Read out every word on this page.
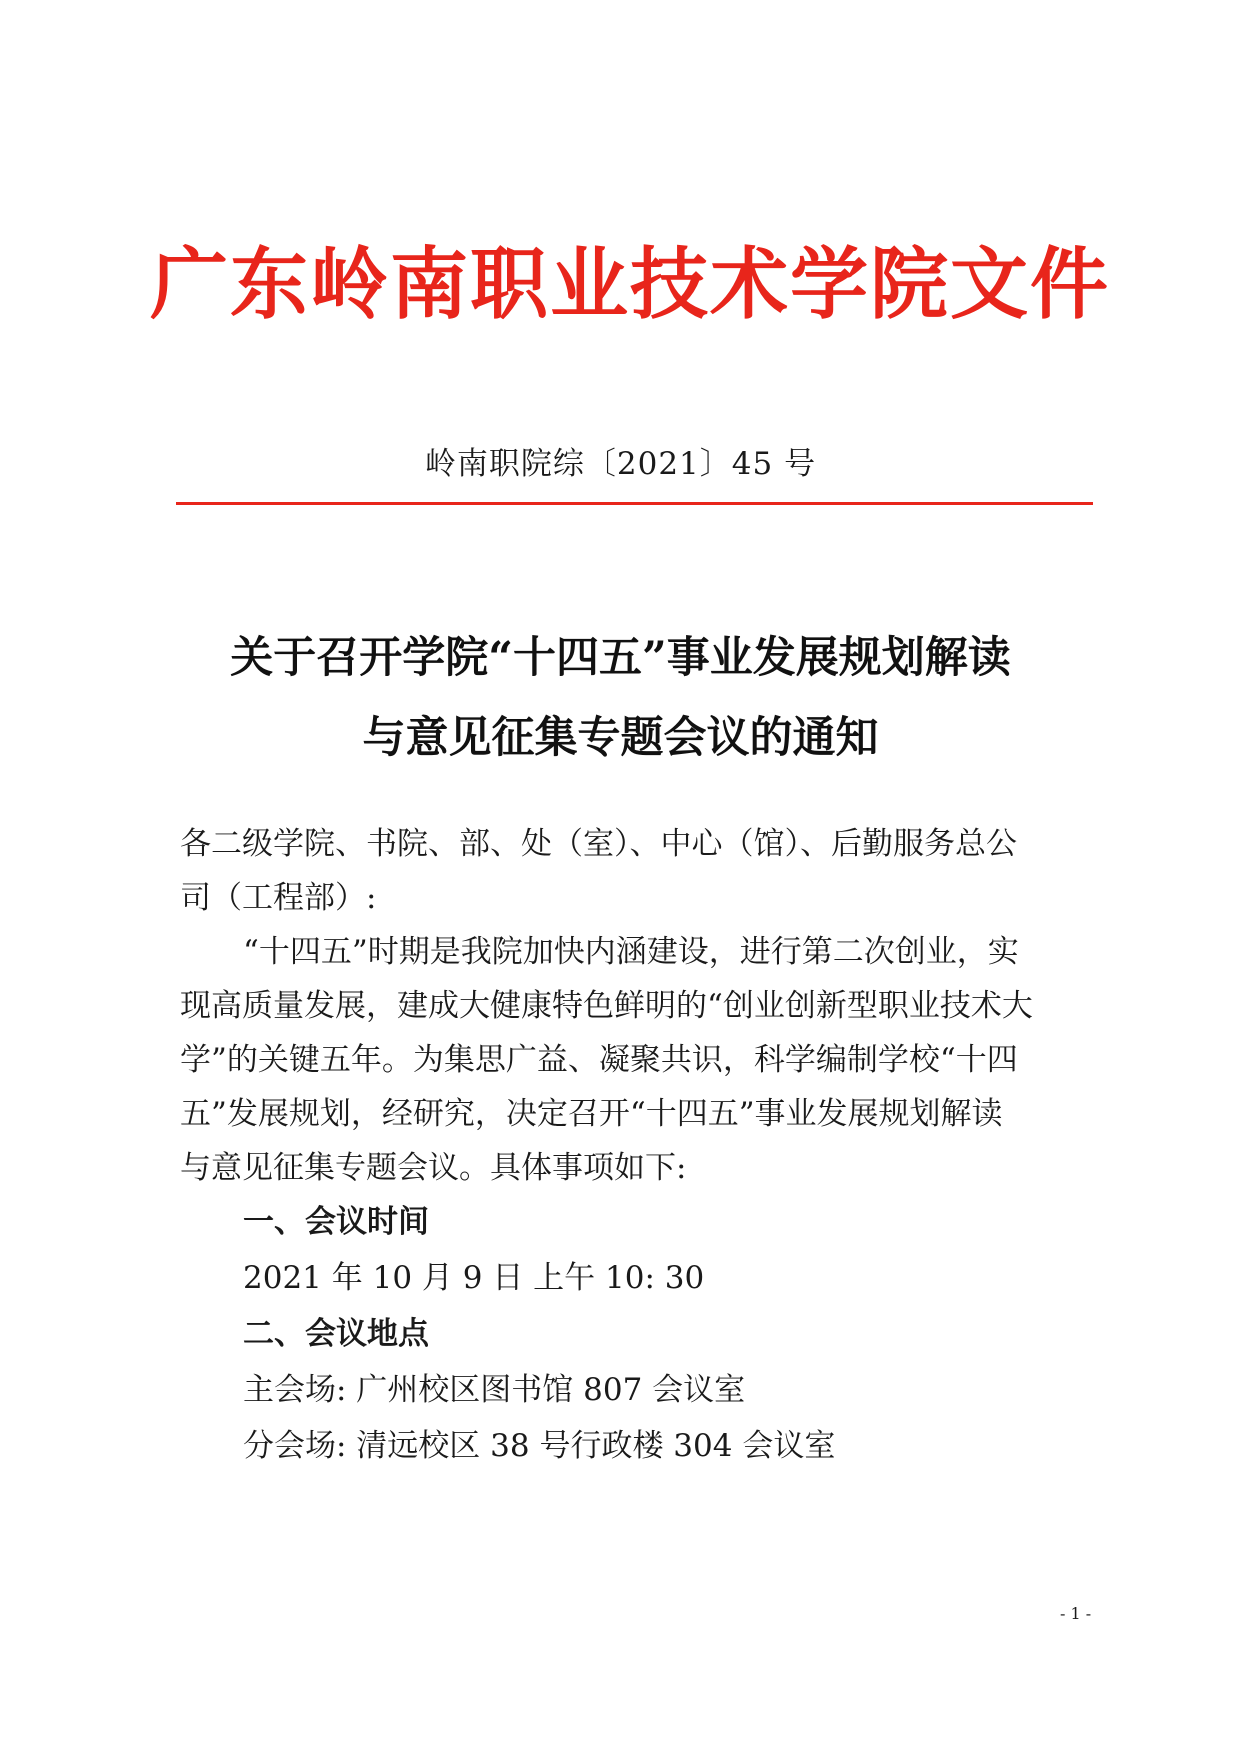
广东岭南职业技术学院文件
岭南职院综〔2021〕45 号
关于召开学院“十四五”事业发展规划解读
与意见征集专题会议的通知
各二级学院、书院、部、处（室）、中心（馆）、后勤服务总公
司（工程部）:
“十四五”时期是我院加快内涵建设，进行第二次创业，实
现高质量发展，建成大健康特色鲜明的“创业创新型职业技术大
学”的关键五年。为集思广益、凝聚共识，科学编制学校“十四
五”发展规划，经研究，决定召开“十四五”事业发展规划解读
与意见征集专题会议。具体事项如下:
一、会议时间
2021 年 10 月 9 日 上午 10: 30
二、会议地点
主会场: 广州校区图书馆 807 会议室
分会场: 清远校区 38 号行政楼 304 会议室
- 1 -
